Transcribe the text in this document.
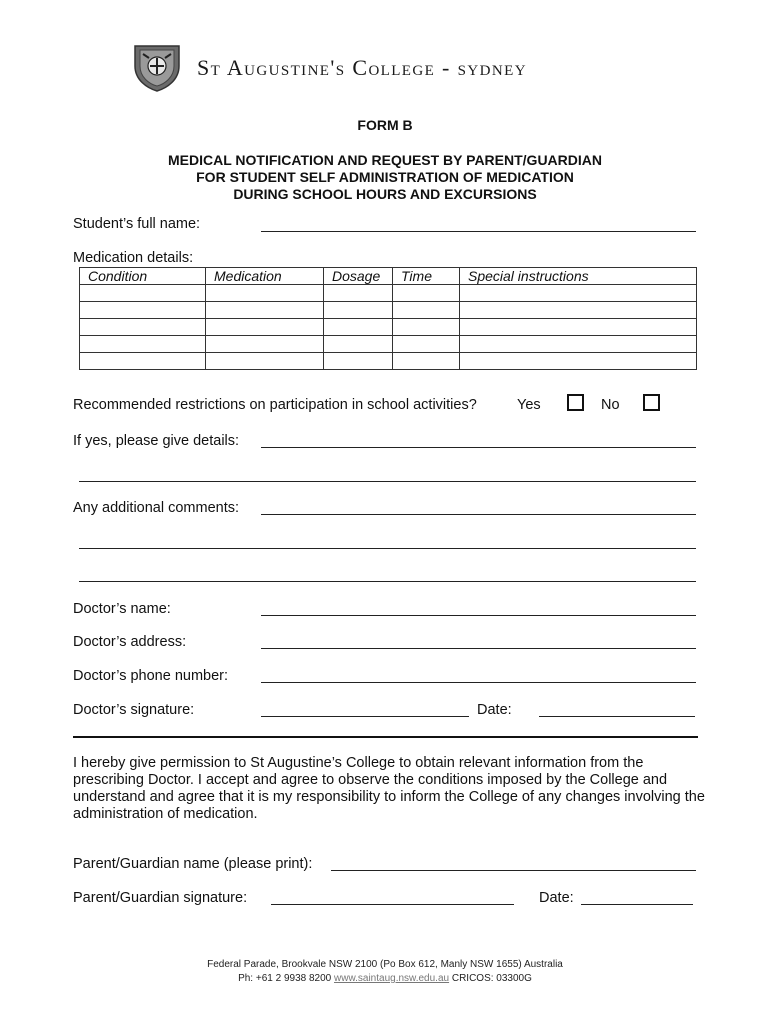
St Augustine's College - sydney
FORM B
MEDICAL NOTIFICATION AND REQUEST BY PARENT/GUARDIAN
FOR STUDENT SELF ADMINISTRATION OF MEDICATION
DURING SCHOOL HOURS AND EXCURSIONS
Student’s full name:
Medication details:
Condition	Medication	Dosage	Time	Special instructions

Recommended restrictions on participation in school activities?	Yes	No
If yes, please give details:
Any additional comments:
Doctor’s name:
Doctor’s address:
Doctor’s phone number:
Doctor’s signature:	Date:
I hereby give permission to St Augustine’s College to obtain relevant information from the prescribing Doctor. I accept and agree to observe the conditions imposed by the College and understand and agree that it is my responsibility to inform the College of any changes involving the administration of medication.
Parent/Guardian name (please print):
Parent/Guardian signature:	Date:
Federal Parade, Brookvale NSW 2100 (Po Box 612, Manly NSW 1655) Australia
Ph: +61 2 9938 8200 www.saintaug.nsw.edu.au CRICOS: 03300G
